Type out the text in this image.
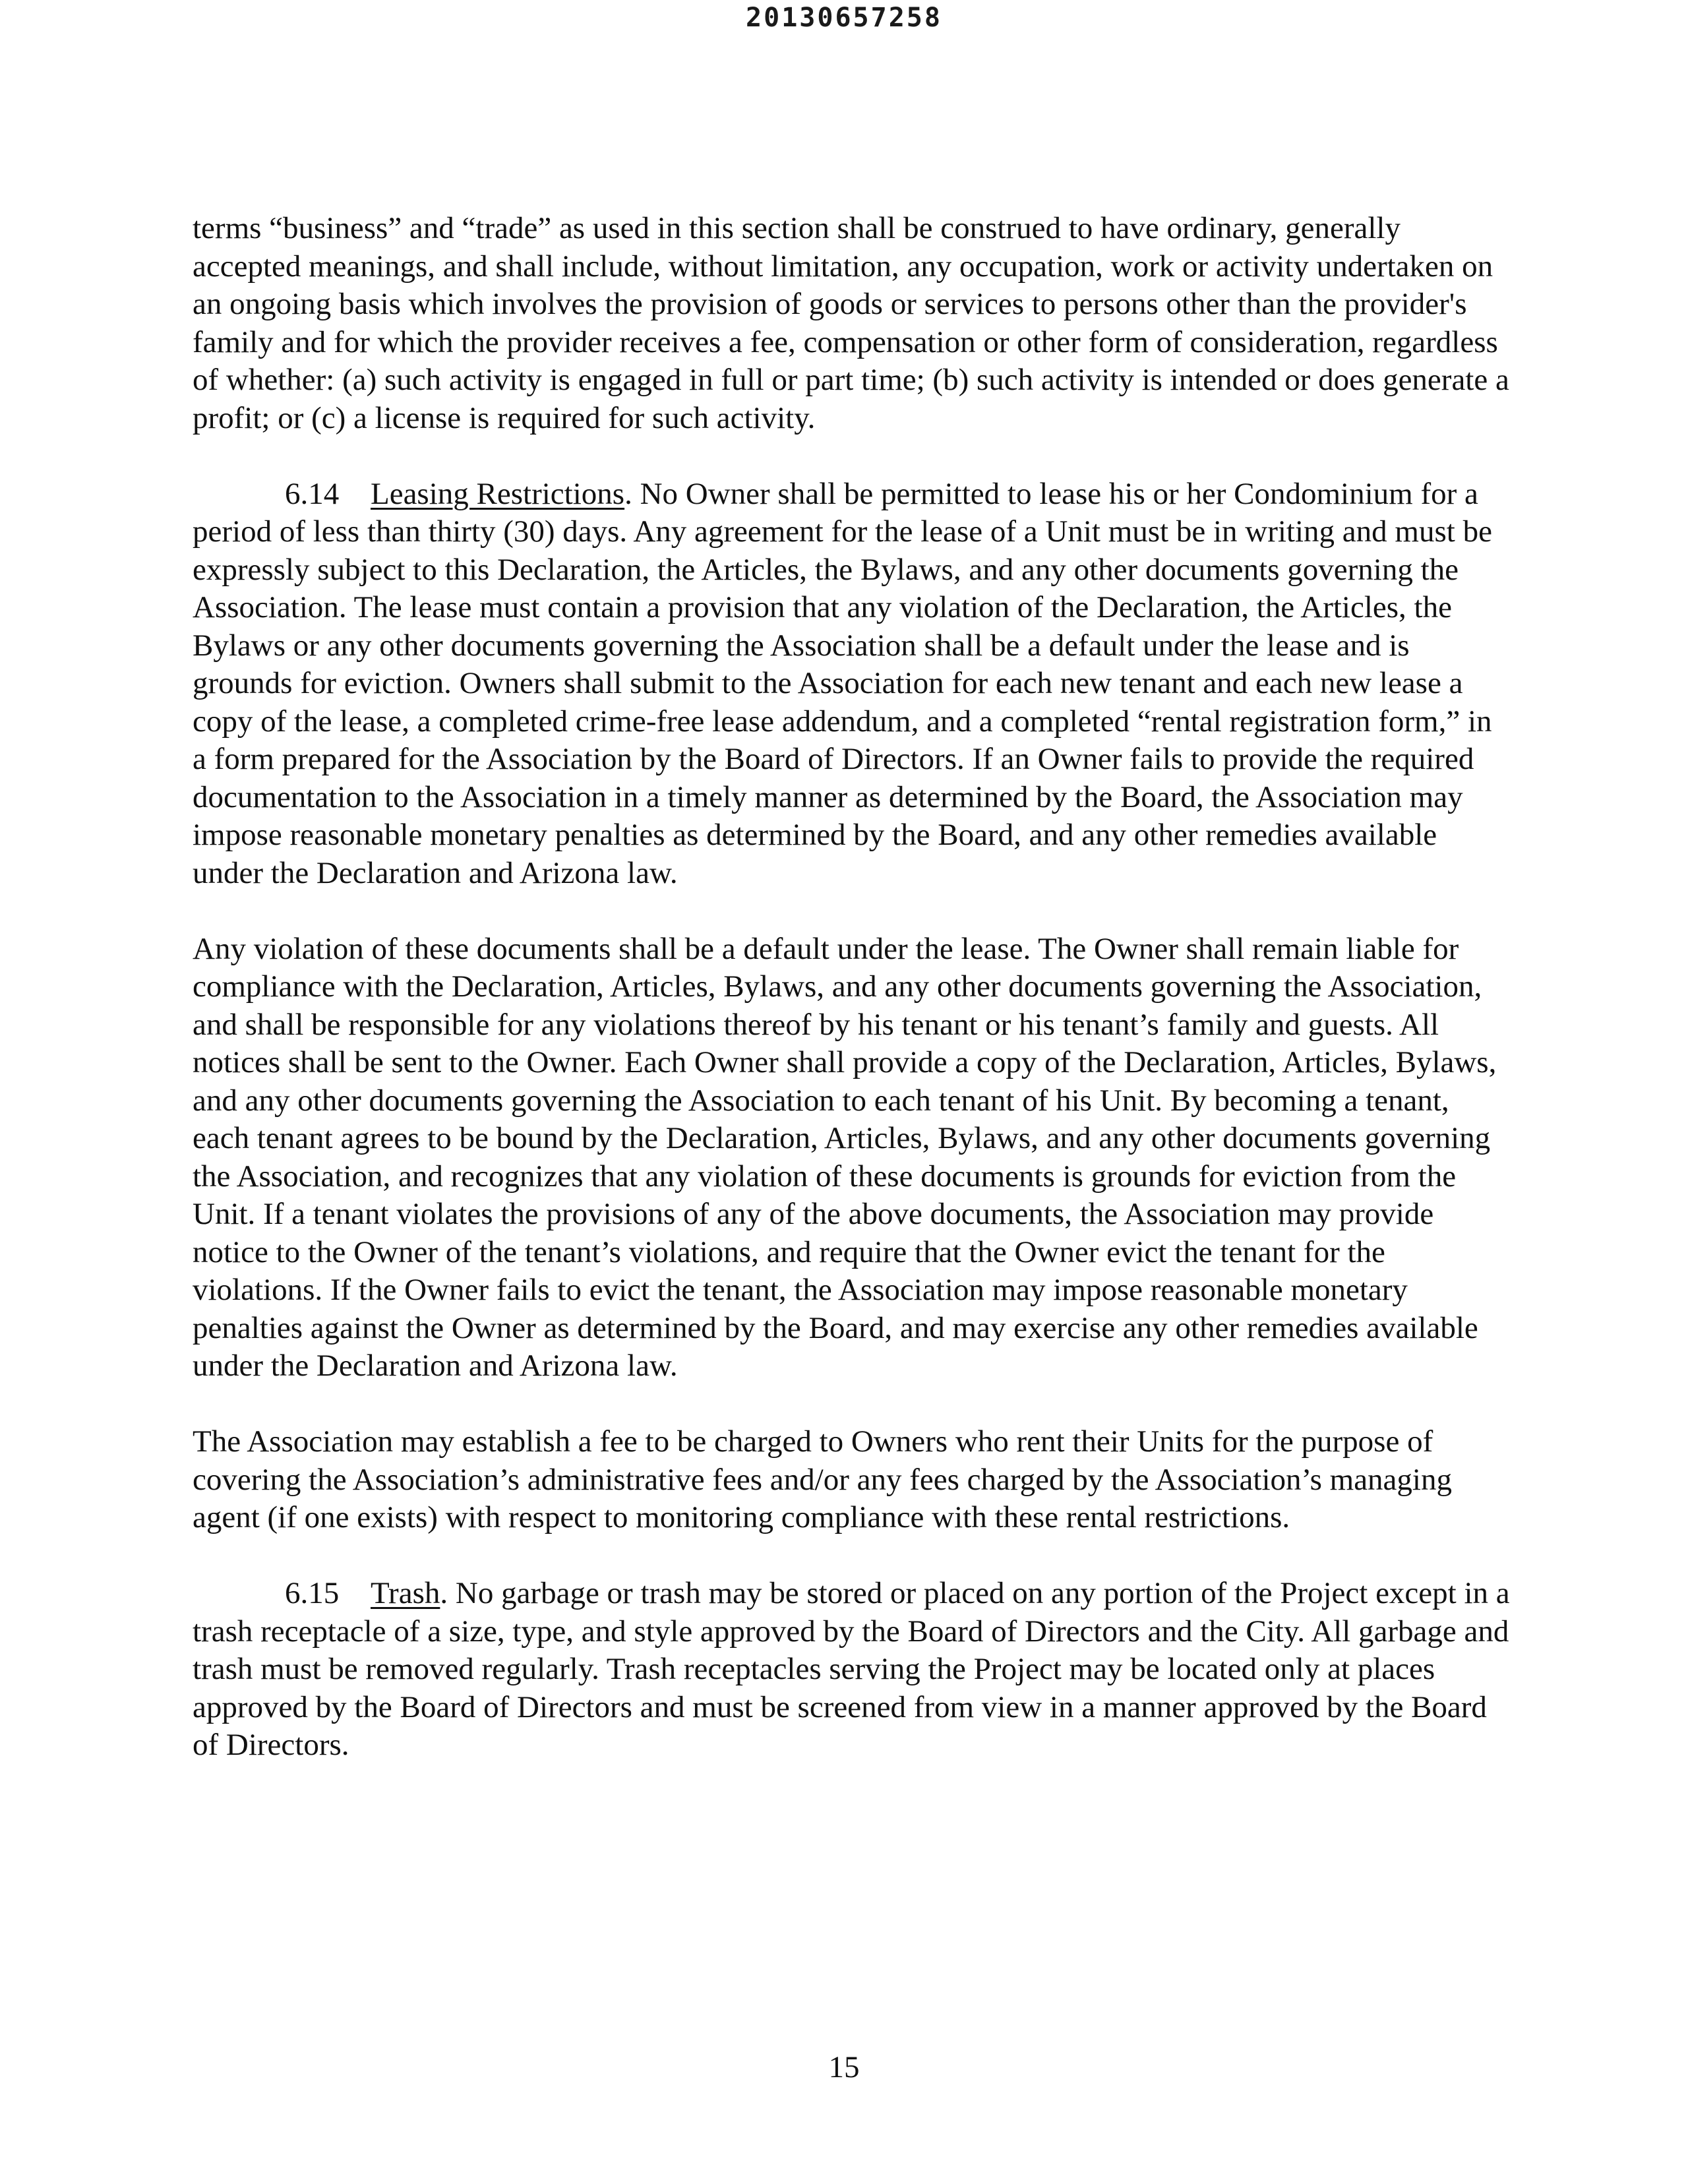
20130657258

terms “business” and “trade” as used in this section shall be construed to have ordinary, generally accepted meanings, and shall include, without limitation, any occupation, work or activity undertaken on an ongoing basis which involves the provision of goods or services to persons other than the provider's family and for which the provider receives a fee, compensation or other form of consideration, regardless of whether: (a) such activity is engaged in full or part time; (b) such activity is intended or does generate a profit; or (c) a license is required for such activity.

6.14 Leasing Restrictions. No Owner shall be permitted to lease his or her Condominium for a period of less than thirty (30) days. Any agreement for the lease of a Unit must be in writing and must be expressly subject to this Declaration, the Articles, the Bylaws, and any other documents governing the Association. The lease must contain a provision that any violation of the Declaration, the Articles, the Bylaws or any other documents governing the Association shall be a default under the lease and is grounds for eviction. Owners shall submit to the Association for each new tenant and each new lease a copy of the lease, a completed crime-free lease addendum, and a completed “rental registration form,” in a form prepared for the Association by the Board of Directors. If an Owner fails to provide the required documentation to the Association in a timely manner as determined by the Board, the Association may impose reasonable monetary penalties as determined by the Board, and any other remedies available under the Declaration and Arizona law.

Any violation of these documents shall be a default under the lease. The Owner shall remain liable for compliance with the Declaration, Articles, Bylaws, and any other documents governing the Association, and shall be responsible for any violations thereof by his tenant or his tenant’s family and guests. All notices shall be sent to the Owner. Each Owner shall provide a copy of the Declaration, Articles, Bylaws, and any other documents governing the Association to each tenant of his Unit. By becoming a tenant, each tenant agrees to be bound by the Declaration, Articles, Bylaws, and any other documents governing the Association, and recognizes that any violation of these documents is grounds for eviction from the Unit. If a tenant violates the provisions of any of the above documents, the Association may provide notice to the Owner of the tenant’s violations, and require that the Owner evict the tenant for the violations. If the Owner fails to evict the tenant, the Association may impose reasonable monetary penalties against the Owner as determined by the Board, and may exercise any other remedies available under the Declaration and Arizona law.

The Association may establish a fee to be charged to Owners who rent their Units for the purpose of covering the Association’s administrative fees and/or any fees charged by the Association’s managing agent (if one exists) with respect to monitoring compliance with these rental restrictions.

6.15 Trash. No garbage or trash may be stored or placed on any portion of the Project except in a trash receptacle of a size, type, and style approved by the Board of Directors and the City. All garbage and trash must be removed regularly. Trash receptacles serving the Project may be located only at places approved by the Board of Directors and must be screened from view in a manner approved by the Board of Directors.

15
